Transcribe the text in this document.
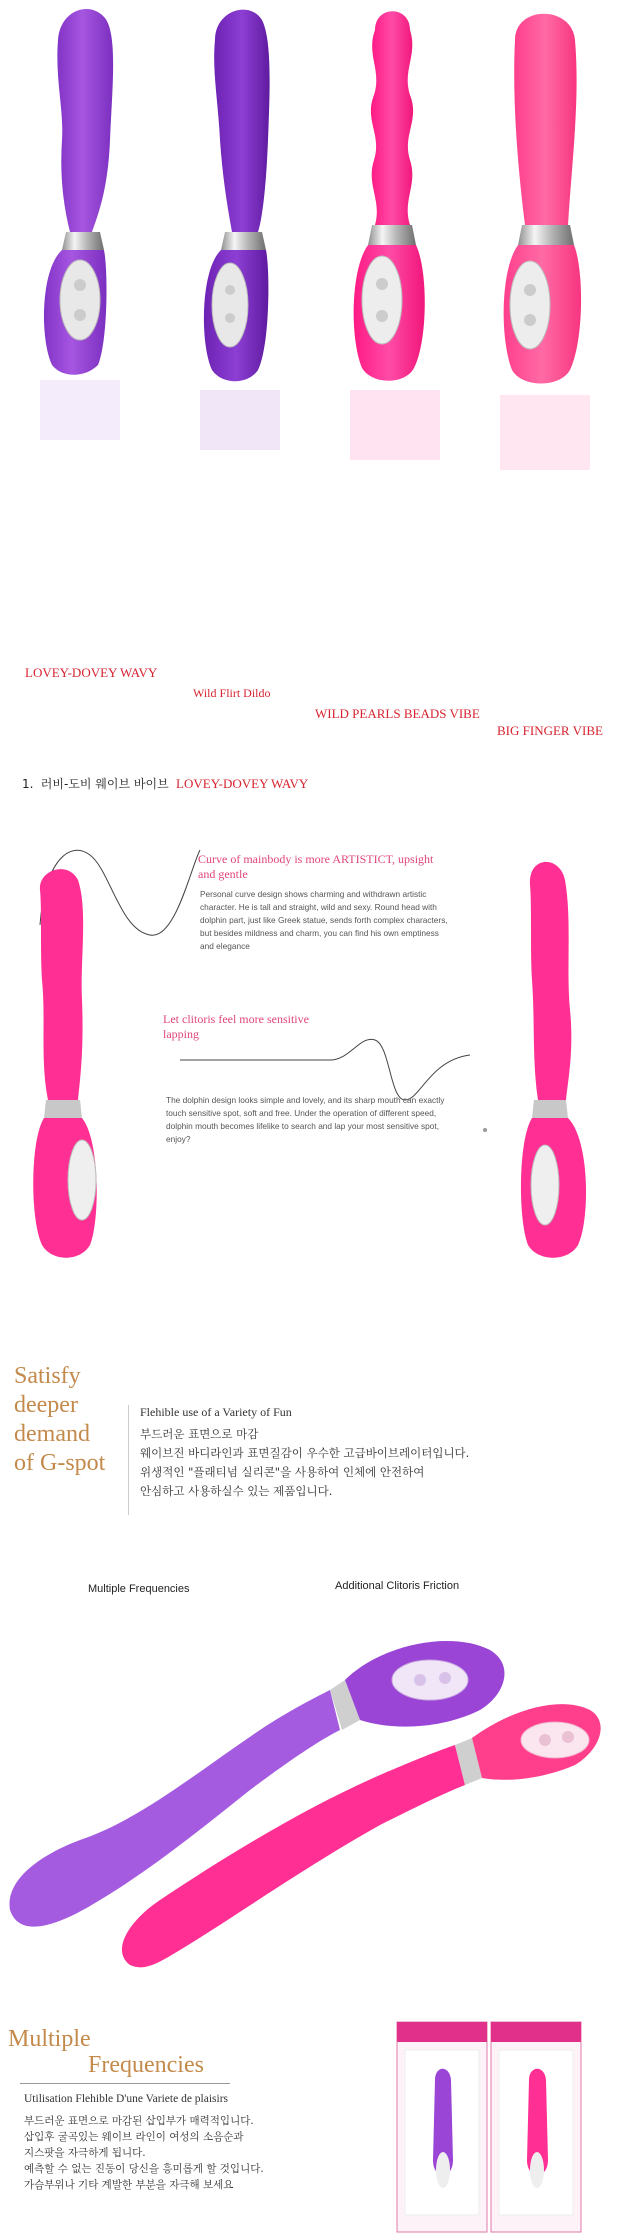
LOVEY-DOVEY WAVY
Wild Flirt Dildo
WILD PEARLS BEADS VIBE
BIG FINGER VIBE
1. 러비-도비 웨이브 바이브 LOVEY-DOVEY WAVY
Curve of mainbody is more ARTISTICT, upsight and gentle
Personal curve design shows charming and withdrawn artistic character. He is tall and straight, wild and sexy. Round head with dolphin part, just like Greek statue, sends forth complex characters, but besides mildness and charm, you can find his own emptiness and elegance
Let clitoris feel more sensitive lapping
The dolphin design looks simple and lovely, and its sharp mouth can exactly touch sensitive spot, soft and free. Under the operation of different speed, dolphin mouth becomes lifelike to search and lap your most sensitive spot, enjoy?
Satisfy
deeper
demand
of G-spot
Flehible use of a Variety of Fun
부드러운 표면으로 마감
웨이브진 바디라인과 표면질감이 우수한 고급바이브레이터입니다.
위생적인 "플래티넘 실리콘"을 사용하여 인체에 안전하여
안심하고 사용하실수 있는 제품입니다.
Multiple Frequencies	Additional Clitoris Friction
Multiple
Frequencies
Utilisation Flehible D'une Variete de plaisirs
부드러운 표면으로 마감된 삽입부가 매력적입니다.
삽입후 굴곡있는 웨이브 라인이 여성의 소음순과
지스팟을 자극하게 됩니다.
예측할 수 없는 진동이 당신을 흥미롭게 할 것입니다.
가슴부위나 기타 계발한 부분을 자극해 보세요
